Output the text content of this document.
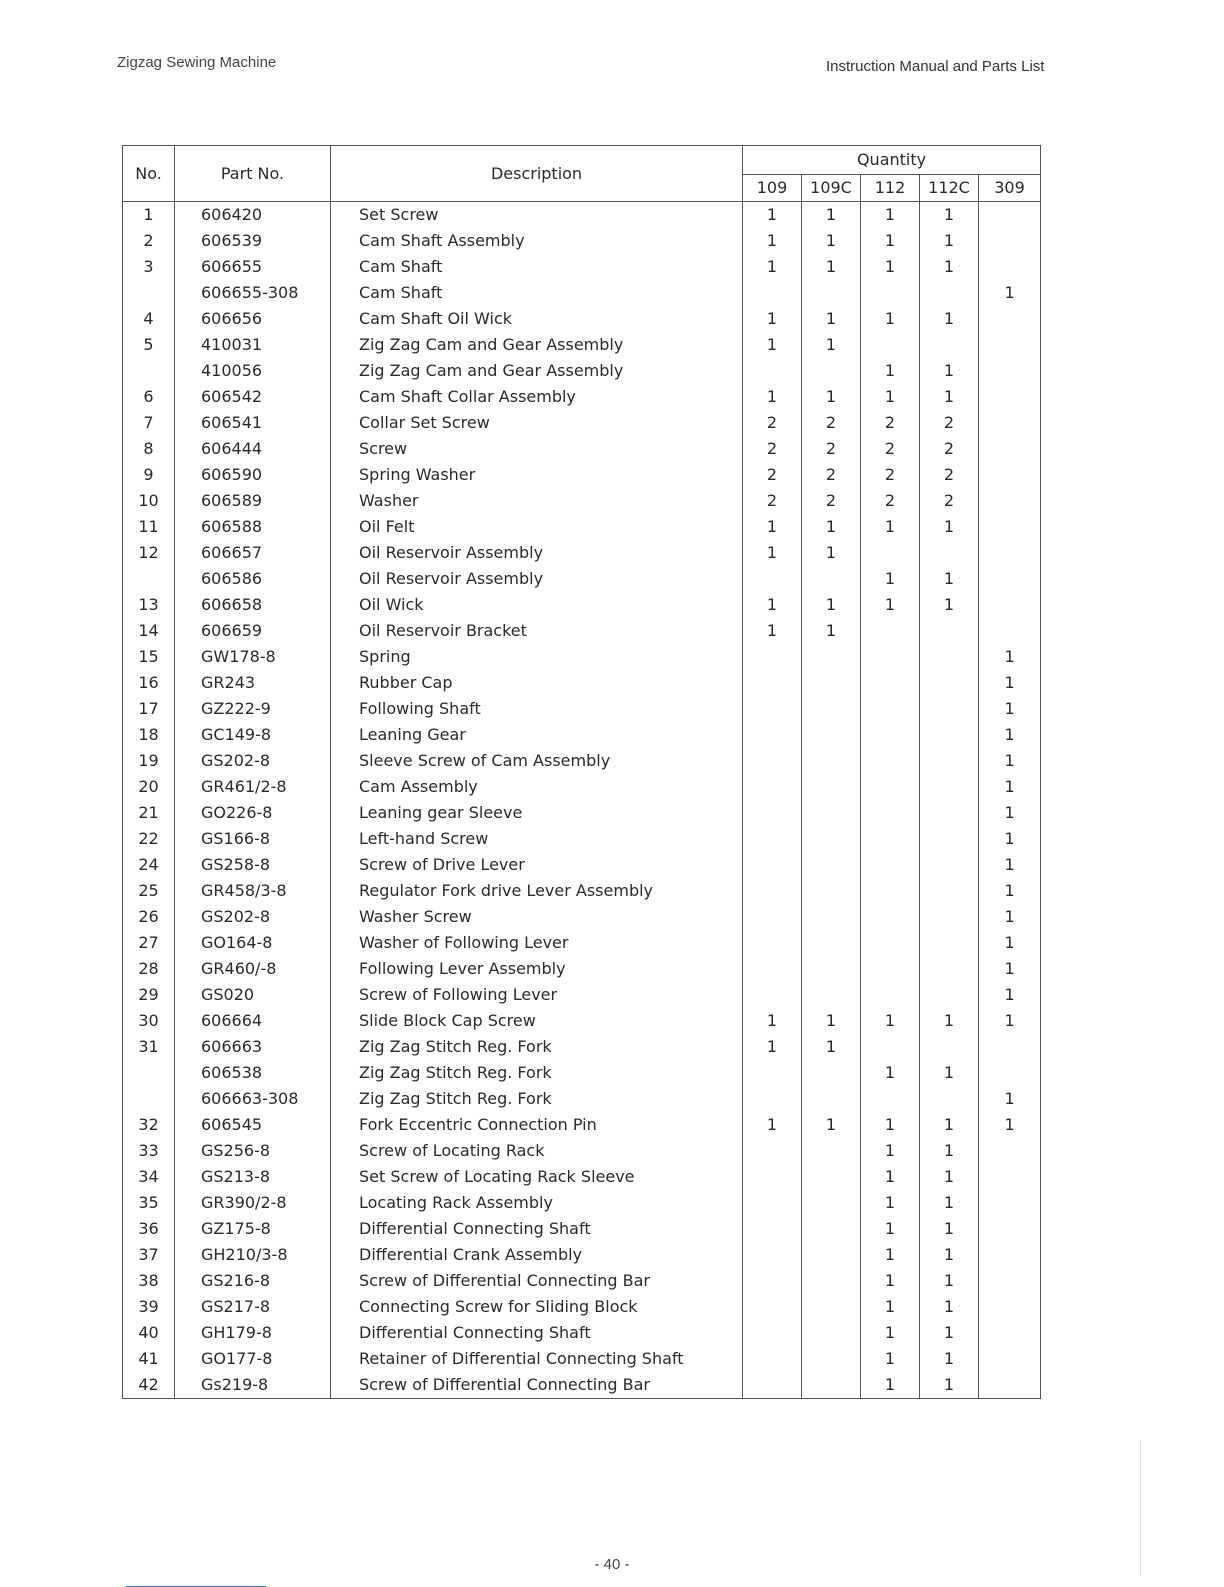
Zigzag Sewing Machine	Instruction Manual and Parts List
No.	Part No.	Description	Quantity				
			109	109C	112	112C	309
1	606420	Set Screw	1	1	1	1	
2	606539	Cam Shaft Assembly	1	1	1	1	
3	606655	Cam Shaft	1	1	1	1	
	606655-308	Cam Shaft					1
4	606656	Cam Shaft Oil Wick	1	1	1	1	
5	410031	Zig Zag Cam and Gear Assembly	1	1			
	410056	Zig Zag Cam and Gear Assembly			1	1	
6	606542	Cam Shaft Collar Assembly	1	1	1	1	
7	606541	Collar Set Screw	2	2	2	2	
8	606444	Screw	2	2	2	2	
9	606590	Spring Washer	2	2	2	2	
10	606589	Washer	2	2	2	2	
11	606588	Oil Felt	1	1	1	1	
12	606657	Oil Reservoir Assembly	1	1			
	606586	Oil Reservoir Assembly			1	1	
13	606658	Oil Wick	1	1	1	1	
14	606659	Oil Reservoir Bracket	1	1			
15	GW178-8	Spring					1
16	GR243	Rubber Cap					1
17	GZ222-9	Following Shaft					1
18	GC149-8	Leaning Gear					1
19	GS202-8	Sleeve Screw of Cam Assembly					1
20	GR461/2-8	Cam Assembly					1
21	GO226-8	Leaning gear Sleeve					1
22	GS166-8	Left-hand Screw					1
24	GS258-8	Screw of Drive Lever					1
25	GR458/3-8	Regulator Fork drive Lever Assembly					1
26	GS202-8	Washer Screw					1
27	GO164-8	Washer of Following Lever					1
28	GR460/-8	Following Lever Assembly					1
29	GS020	Screw of Following Lever					1
30	606664	Slide Block Cap Screw	1	1	1	1	1
31	606663	Zig Zag Stitch Reg. Fork	1	1			
	606538	Zig Zag Stitch Reg. Fork			1	1	
	606663-308	Zig Zag Stitch Reg. Fork					1
32	606545	Fork Eccentric Connection Pin	1	1	1	1	1
33	GS256-8	Screw of Locating Rack			1	1	
34	GS213-8	Set Screw of Locating Rack Sleeve			1	1	
35	GR390/2-8	Locating Rack Assembly			1	1	
36	GZ175-8	Differential Connecting Shaft			1	1	
37	GH210/3-8	Differential Crank Assembly			1	1	
38	GS216-8	Screw of Differential Connecting Bar			1	1	
39	GS217-8	Connecting Screw for Sliding Block			1	1	
40	GH179-8	Differential Connecting Shaft			1	1	
41	GO177-8	Retainer of Differential Connecting Shaft			1	1	
42	Gs219-8	Screw of Differential Connecting Bar			1	1	
- 40 -
